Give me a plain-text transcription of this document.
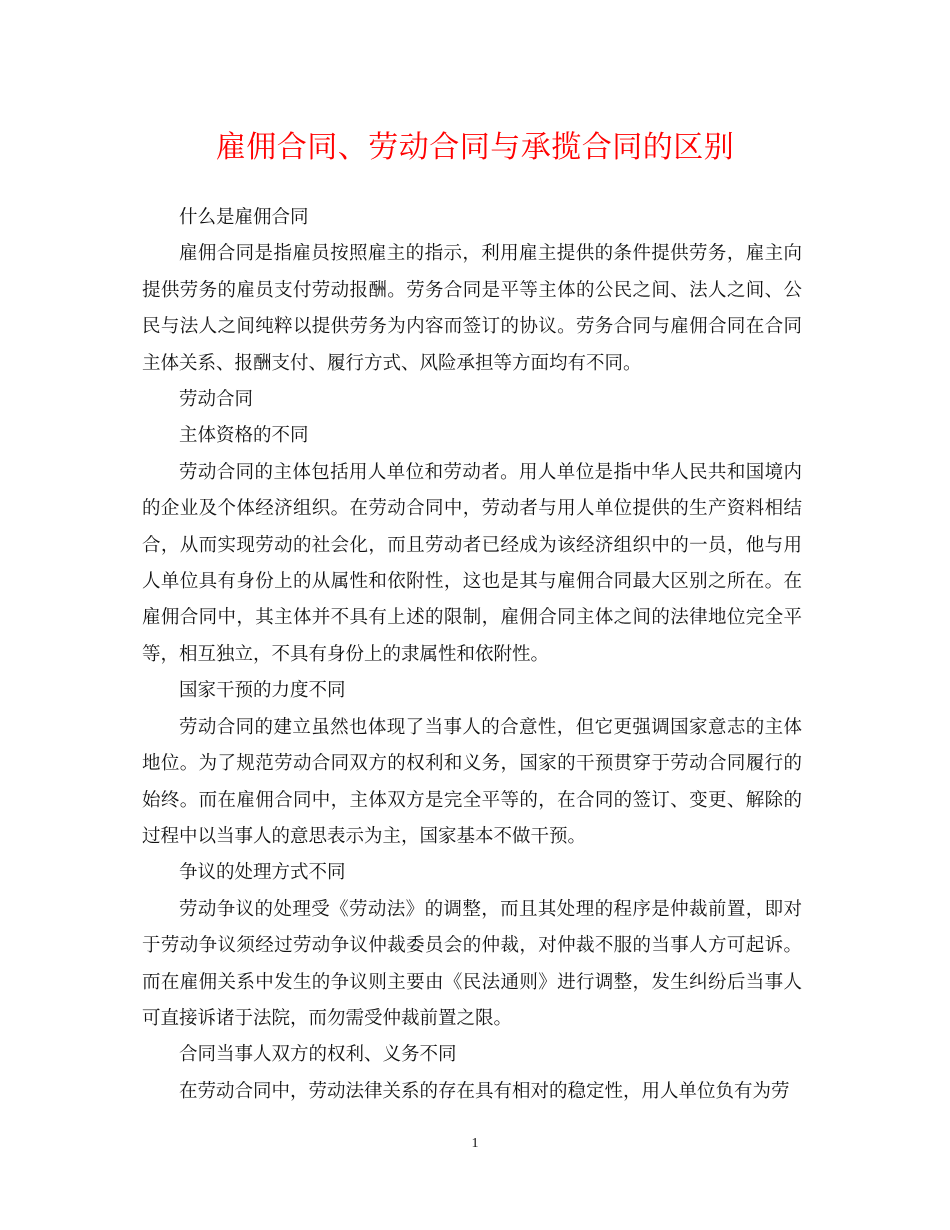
雇佣合同、劳动合同与承揽合同的区别

什么是雇佣合同

雇佣合同是指雇员按照雇主的指示，利用雇主提供的条件提供劳务，雇主向提供劳务的雇员支付劳动报酬。劳务合同是平等主体的公民之间、法人之间、公民与法人之间纯粹以提供劳务为内容而签订的协议。劳务合同与雇佣合同在合同主体关系、报酬支付、履行方式、风险承担等方面均有不同。

劳动合同

主体资格的不同

劳动合同的主体包括用人单位和劳动者。用人单位是指中华人民共和国境内的企业及个体经济组织。在劳动合同中，劳动者与用人单位提供的生产资料相结合，从而实现劳动的社会化，而且劳动者已经成为该经济组织中的一员，他与用人单位具有身份上的从属性和依附性，这也是其与雇佣合同最大区别之所在。在雇佣合同中，其主体并不具有上述的限制，雇佣合同主体之间的法律地位完全平等，相互独立，不具有身份上的隶属性和依附性。

国家干预的力度不同

劳动合同的建立虽然也体现了当事人的合意性，但它更强调国家意志的主体地位。为了规范劳动合同双方的权利和义务，国家的干预贯穿于劳动合同履行的始终。而在雇佣合同中，主体双方是完全平等的，在合同的签订、变更、解除的过程中以当事人的意思表示为主，国家基本不做干预。

争议的处理方式不同

劳动争议的处理受《劳动法》的调整，而且其处理的程序是仲裁前置，即对于劳动争议须经过劳动争议仲裁委员会的仲裁，对仲裁不服的当事人方可起诉。而在雇佣关系中发生的争议则主要由《民法通则》进行调整，发生纠纷后当事人可直接诉诸于法院，而勿需受仲裁前置之限。

合同当事人双方的权利、义务不同

在劳动合同中，劳动法律关系的存在具有相对的稳定性，用人单位负有为劳

1
